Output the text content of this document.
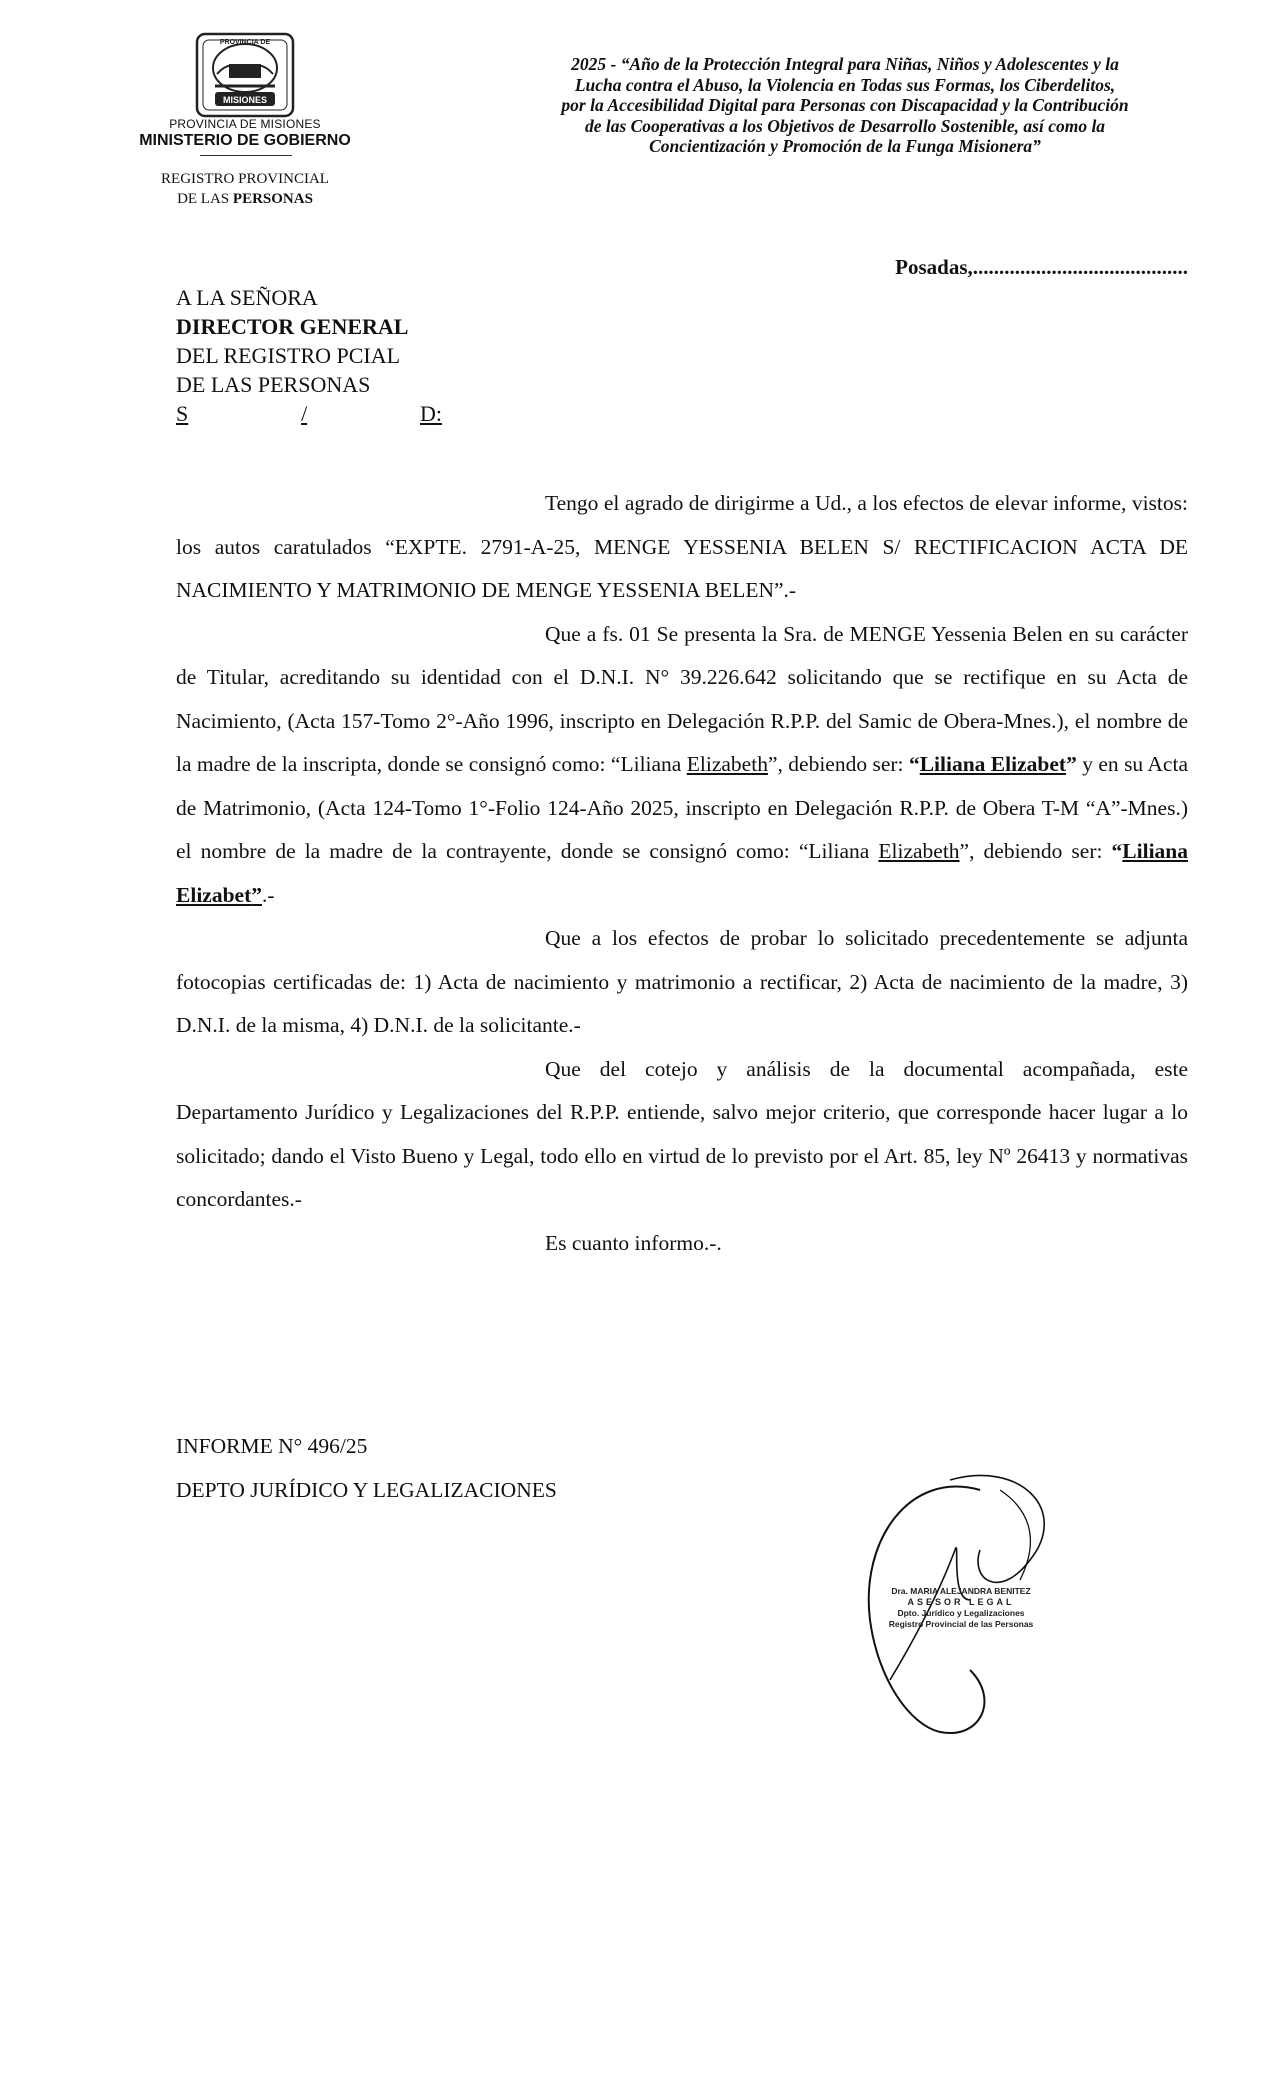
PROVINCIA DE
MISIONES
PROVINCIA DE MISIONES
MINISTERIO DE GOBIERNO
REGISTRO PROVINCIAL
DE LAS PERSONAS
2025 - “Año de la Protección Integral para Niñas, Niños y Adolescentes y la
Lucha contra el Abuso, la Violencia en Todas sus Formas, los Ciberdelitos,
por la Accesibilidad Digital para Personas con Discapacidad y la Contribución
de las Cooperativas a los Objetivos de Desarrollo Sostenible, así como la
Concientización y Promoción de la Funga Misionera”
Posadas,.........................................
A LA SEÑORA
DIRECTOR GENERAL
DEL REGISTRO PCIAL
DE LAS PERSONAS
S	/	D:

Tengo el agrado de dirigirme a Ud., a los efectos de elevar informe, vistos: los autos caratulados “EXPTE. 2791-A-25, MENGE YESSENIA BELEN S/ RECTIFICACION ACTA DE NACIMIENTO Y MATRIMONIO DE MENGE YESSENIA BELEN”.-

Que a fs. 01 Se presenta la Sra. de MENGE Yessenia Belen en su carácter de Titular, acreditando su identidad con el D.N.I. N° 39.226.642 solicitando que se rectifique en su Acta de Nacimiento, (Acta 157-Tomo 2°-Año 1996, inscripto en Delegación R.P.P. del Samic de Obera-Mnes.), el nombre de la madre de la inscripta, donde se consignó como: “Liliana Elizabeth”, debiendo ser: “Liliana Elizabet” y en su Acta de Matrimonio, (Acta 124-Tomo 1°-Folio 124-Año 2025, inscripto en Delegación R.P.P. de Obera T-M “A”-Mnes.) el nombre de la madre de la contrayente, donde se consignó como: “Liliana Elizabeth”, debiendo ser: “Liliana Elizabet”.-

Que a los efectos de probar lo solicitado precedentemente se adjunta fotocopias certificadas de: 1) Acta de nacimiento y matrimonio a rectificar, 2) Acta de nacimiento de la madre, 3) D.N.I. de la misma, 4) D.N.I. de la solicitante.-

Que del cotejo y análisis de la documental acompañada, este Departamento Jurídico y Legalizaciones del R.P.P. entiende, salvo mejor criterio, que corresponde hacer lugar a lo solicitado; dando el Visto Bueno y Legal, todo ello en virtud de lo previsto por el Art. 85, ley Nº 26413 y normativas concordantes.-

Es cuanto informo.-.

INFORME N° 496/25
DEPTO JURÍDICO Y LEGALIZACIONES
Dra. MARIA ALEJANDRA BENITEZ
ASESOR LEGAL
Dpto. Jurídico y Legalizaciones
Registro Provincial de las Personas
